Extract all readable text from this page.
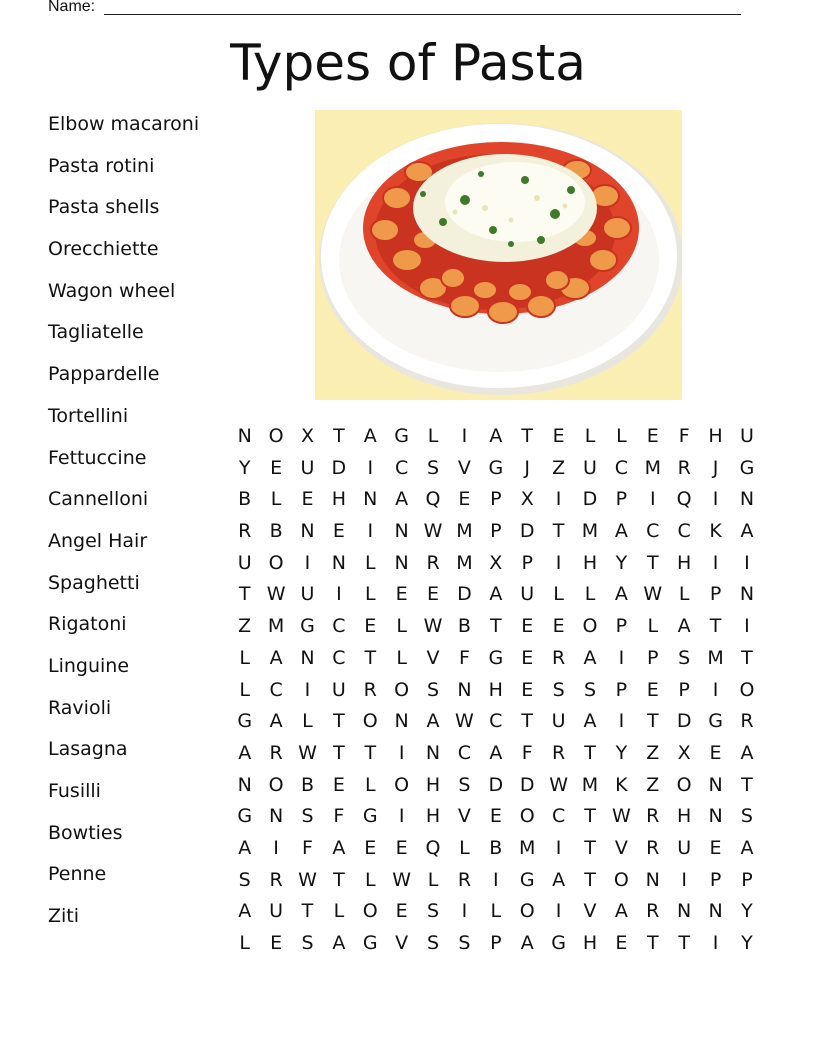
Name:
Types of Pasta
Elbow macaroni
Pasta rotini
Pasta shells
Orecchiette
Wagon wheel
Tagliatelle
Pappardelle
Tortellini
Fettuccine
Cannelloni
Angel Hair
Spaghetti
Rigatoni
Linguine
Ravioli
Lasagna
Fusilli
Bowties
Penne
Ziti
N O X	T	A G L	I	A	T	E	L	L	E	F H U
Y	E U D	I	C S V G	J	Z U C M R	J	G
B	L	E H N A Q E	P	X	I	D P	I	Q	I	N
R B N E	I	N W M P D T M A C C K A
U O	I	N L N R M X	P	I	H Y	T H	I	I
T W U	I	L	E	E D A U	L	L	A W L	P N
Z M G C E	L W B	T	E	E O P	L	A	T	I
L	A N C T	L	V	F G E R A	I	P	S M T
L	C	I	U R O S N H E	S	S	P	E	P	I	O
G A	L	T O N A W C T U A	I	T D G R
A R W T	T	I	N C A	F	R T	Y	Z X E A
N O B E	L O H S D D W M K Z O N T
G N S	F G	I	H V E O C T W R H N S
A	I	F	A E	E Q L	B M	I	T	V R U E A
S R W T	L W L	R	I	G A	T O N	I	P	P
A U T	L O E	S	I	L O	I	V A R N N Y
L	E	S A G V S	S	P	A G H E	T	T	I	Y
